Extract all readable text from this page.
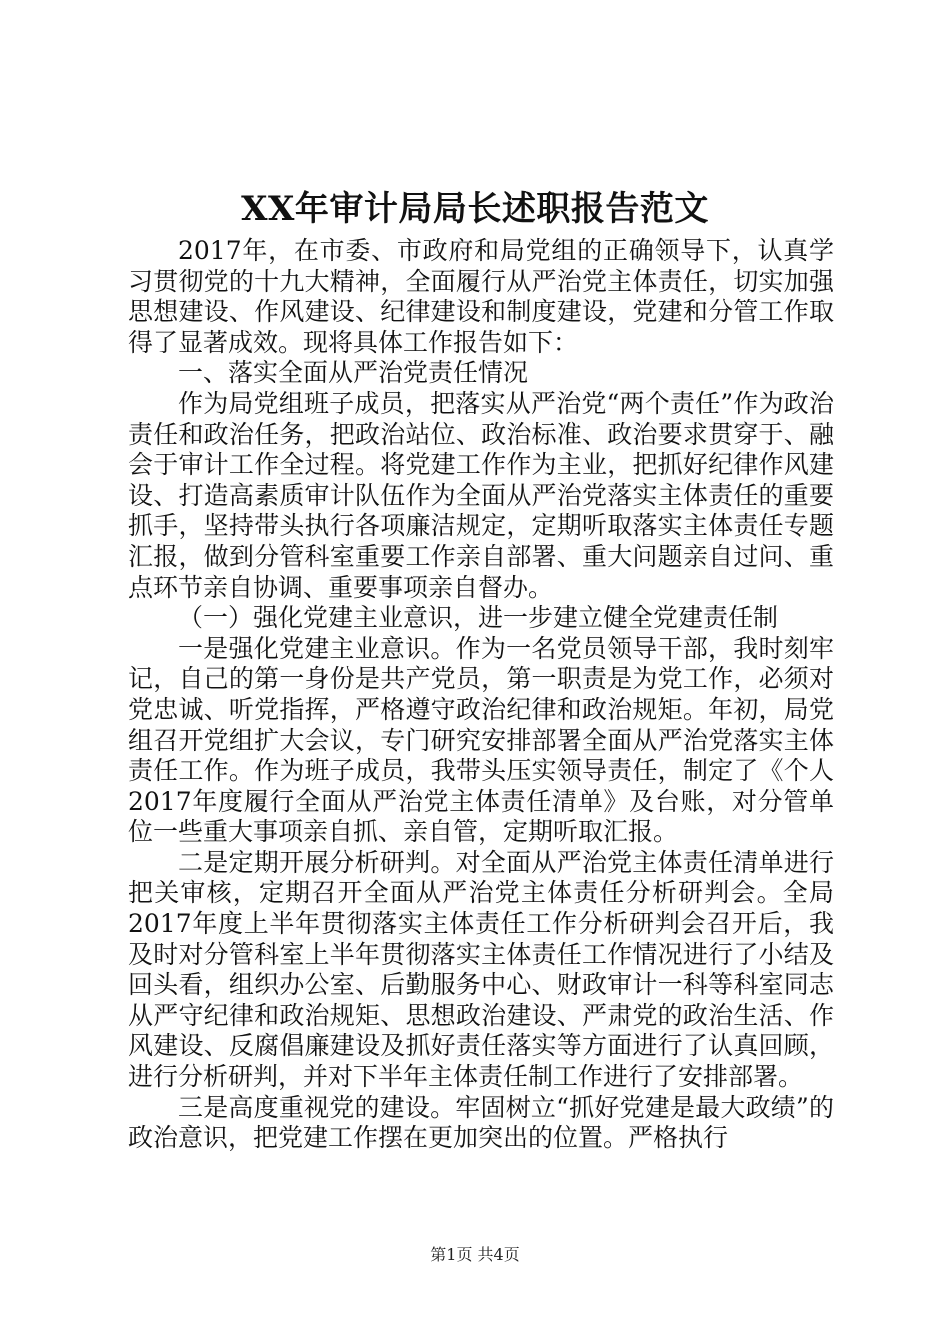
XX年审计局局长述职报告范文

2017年，在市委、市政府和局党组的正确领导下，认真学习贯彻党的十九大精神，全面履行从严治党主体责任，切实加强思想建设、作风建设、纪律建设和制度建设，党建和分管工作取得了显著成效。现将具体工作报告如下：

一、落实全面从严治党责任情况

作为局党组班子成员，把落实从严治党“两个责任”作为政治责任和政治任务，把政治站位、政治标准、政治要求贯穿于、融会于审计工作全过程。将党建工作作为主业，把抓好纪律作风建设、打造高素质审计队伍作为全面从严治党落实主体责任的重要抓手，坚持带头执行各项廉洁规定，定期听取落实主体责任专题汇报，做到分管科室重要工作亲自部署、重大问题亲自过问、重点环节亲自协调、重要事项亲自督办。

（一）强化党建主业意识，进一步建立健全党建责任制

一是强化党建主业意识。作为一名党员领导干部，我时刻牢记，自己的第一身份是共产党员，第一职责是为党工作，必须对党忠诚、听党指挥，严格遵守政治纪律和政治规矩。年初，局党组召开党组扩大会议，专门研究安排部署全面从严治党落实主体责任工作。作为班子成员，我带头压实领导责任，制定了《个人2017年度履行全面从严治党主体责任清单》及台账，对分管单位一些重大事项亲自抓、亲自管，定期听取汇报。

二是定期开展分析研判。对全面从严治党主体责任清单进行把关审核，定期召开全面从严治党主体责任分析研判会。全局2017年度上半年贯彻落实主体责任工作分析研判会召开后，我及时对分管科室上半年贯彻落实主体责任工作情况进行了小结及回头看，组织办公室、后勤服务中心、财政审计一科等科室同志从严守纪律和政治规矩、思想政治建设、严肃党的政治生活、作风建设、反腐倡廉建设及抓好责任落实等方面进行了认真回顾，进行分析研判，并对下半年主体责任制工作进行了安排部署。

三是高度重视党的建设。牢固树立“抓好党建是最大政绩”的政治意识，把党建工作摆在更加突出的位置。严格执行

第1页 共4页
